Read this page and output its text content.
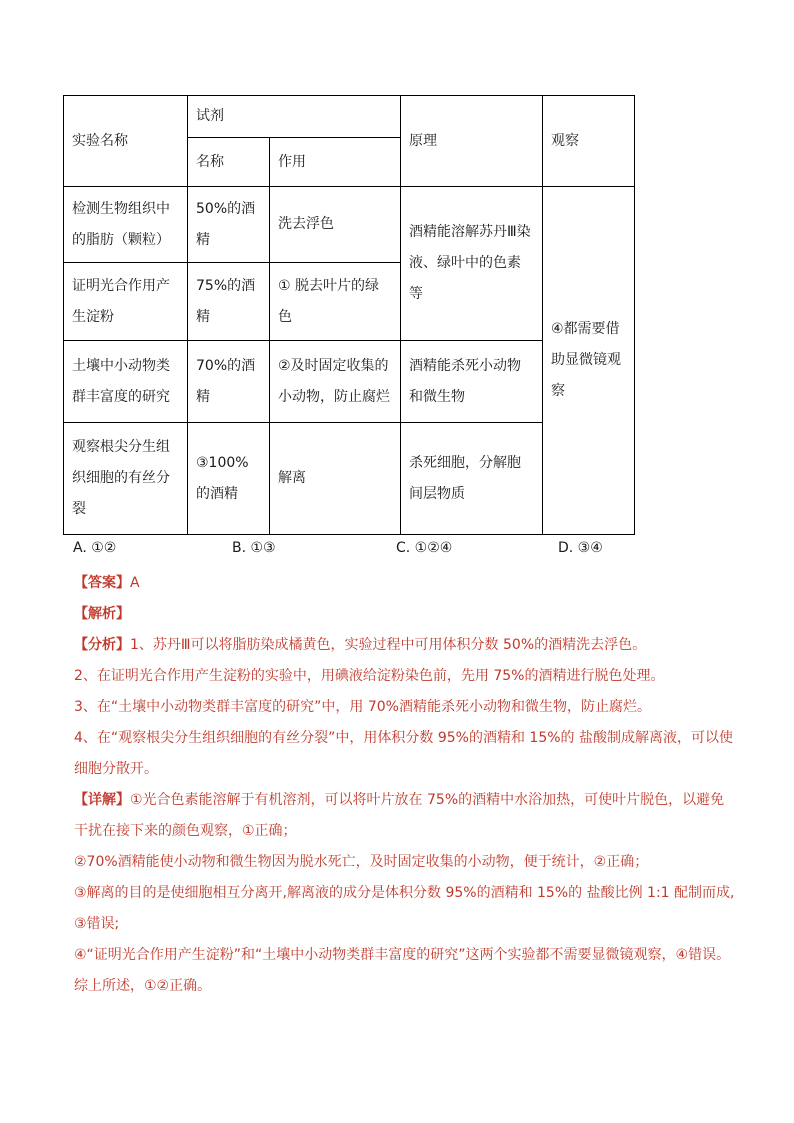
实验名称	试剂		原理	观察
	名称	作用		
检测生物组织中的脂肪（颗粒）	50%的酒精	洗去浮色	酒精能溶解苏丹Ⅲ染液、绿叶中的色素等	④都需要借助显微镜观察
证明光合作用产生淀粉	75%的酒精	① 脱去叶片的绿色		
土壤中小动物类群丰富度的研究	70%的酒精	②及时固定收集的小动物，防止腐烂	酒精能杀死小动物和微生物	
观察根尖分生组织细胞的有丝分裂	③100%的酒精	解离	杀死细胞，分解胞间层物质	
A. ①②	B. ①③	C. ①②④	D. ③④
【答案】A
【解析】
【分析】1、苏丹Ⅲ可以将脂肪染成橘黄色，实验过程中可用体积分数 50%的酒精洗去浮色。
2、在证明光合作用产生淀粉的实验中，用碘液给淀粉染色前，先用 75%的酒精进行脱色处理。
3、在“土壤中小动物类群丰富度的研究”中，用 70%酒精能杀死小动物和微生物，防止腐烂。
4、在“观察根尖分生组织细胞的有丝分裂”中，用体积分数 95%的酒精和 15%的 盐酸制成解离液，可以使
细胞分散开。
【详解】①光合色素能溶解于有机溶剂，可以将叶片放在 75%的酒精中水浴加热，可使叶片脱色，以避免
干扰在接下来的颜色观察，①正确；
②70%酒精能使小动物和微生物因为脱水死亡，及时固定收集的小动物，便于统计，②正确；
③解离的目的是使细胞相互分离开,解离液的成分是体积分数 95%的酒精和 15%的 盐酸比例 1:1 配制而成,
③错误;
④“证明光合作用产生淀粉”和“土壤中小动物类群丰富度的研究”这两个实验都不需要显微镜观察，④错误。
综上所述，①②正确。
